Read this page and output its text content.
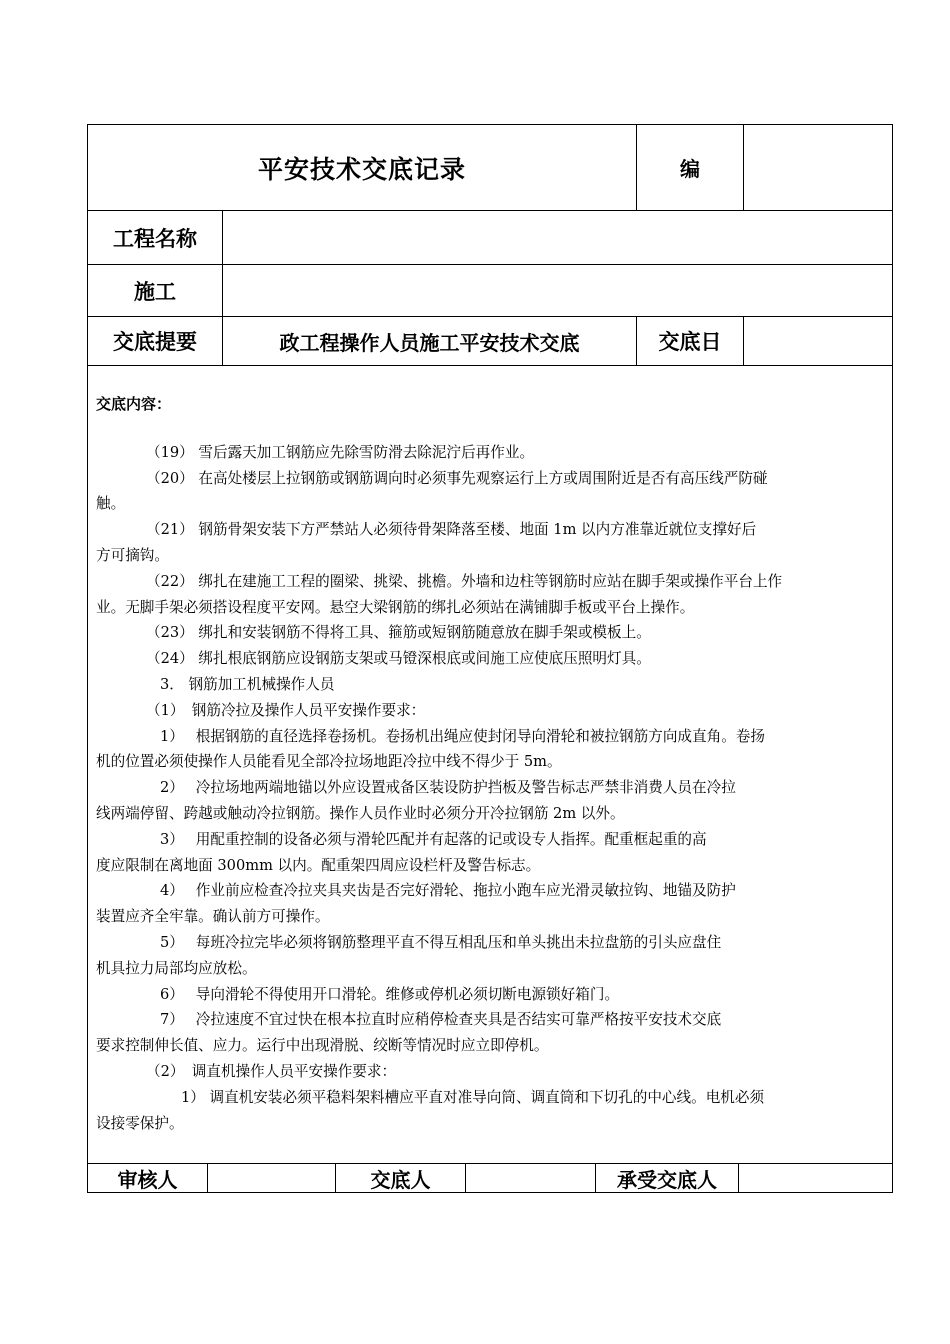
平安技术交底记录	编
工程名称
施工
交底提要	政工程操作人员施工平安技术交底	交底日
交底内容：

（19） 雪后露天加工钢筋应先除雪防滑去除泥泞后再作业。

（20） 在高处楼层上拉钢筋或钢筋调向时必须事先观察运行上方或周围附近是否有高压线严防碰

触。

（21） 钢筋骨架安装下方严禁站人必须待骨架降落至楼、地面 1m 以内方准靠近就位支撑好后

方可摘钩。

（22） 绑扎在建施工工程的圈梁、挑梁、挑檐。外墙和边柱等钢筋时应站在脚手架或操作平台上作

业。无脚手架必须搭设程度平安网。悬空大梁钢筋的绑扎必须站在满铺脚手板或平台上操作。

（23） 绑扎和安装钢筋不得将工具、箍筋或短钢筋随意放在脚手架或模板上。

（24） 绑扎根底钢筋应设钢筋支架或马镫深根底或间施工应使底压照明灯具。

3． 钢筋加工机械操作人员

（1）　钢筋冷拉及操作人员平安操作要求：

1）　 根据钢筋的直径选择卷扬机。卷扬机出绳应使封闭导向滑轮和被拉钢筋方向成直角。卷扬

机的位置必须使操作人员能看见全部冷拉场地距冷拉中线不得少于 5m。

2）　 冷拉场地两端地锚以外应设置戒备区装设防护挡板及警告标志严禁非消费人员在冷拉

线两端停留、跨越或触动冷拉钢筋。操作人员作业时必须分开冷拉钢筋 2m 以外。

3）　 用配重控制的设备必须与滑轮匹配并有起落的记或设专人指挥。配重框起重的高

度应限制在离地面 300mm 以内。配重架四周应设栏杆及警告标志。

4）　 作业前应检查冷拉夹具夹齿是否完好滑轮、拖拉小跑车应光滑灵敏拉钩、地锚及防护

装置应齐全牢靠。确认前方可操作。

5）　 每班冷拉完毕必须将钢筋整理平直不得互相乱压和单头挑出未拉盘筋的引头应盘住

机具拉力局部均应放松。

6）　 导向滑轮不得使用开口滑轮。维修或停机必须切断电源锁好箱门。

7）　 冷拉速度不宜过快在根本拉直时应稍停检查夹具是否结实可靠严格按平安技术交底

要求控制伸长值、应力。运行中出现滑脱、绞断等情况时应立即停机。

（2）　调直机操作人员平安操作要求：

1） 调直机安装必须平稳料架料槽应平直对准导向筒、调直筒和下切孔的中心线。电机必须

设接零保护。

审核人	交底人	承受交底人
